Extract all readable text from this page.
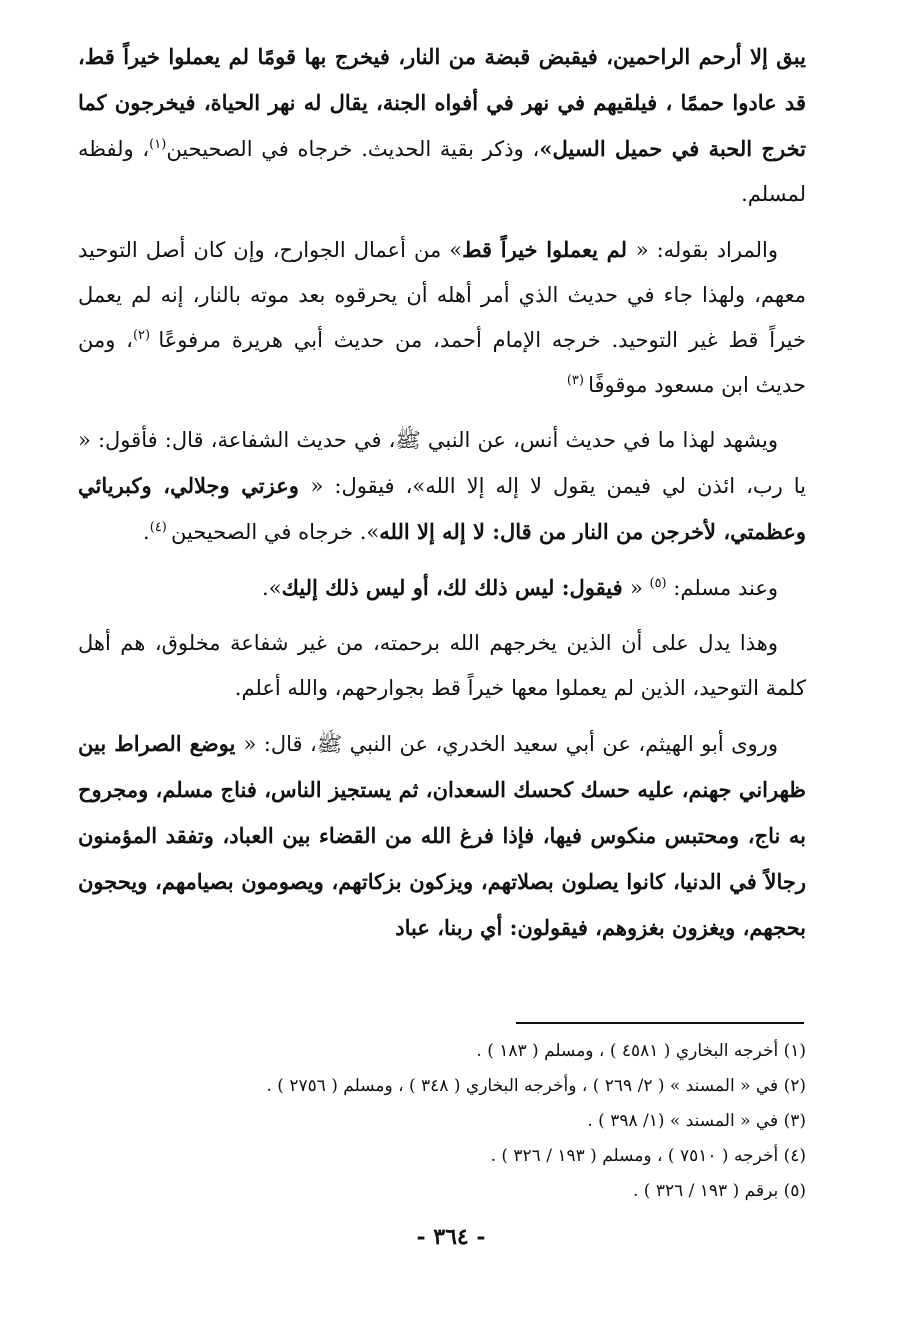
يبق إلا أرحم الراحمين، فيقبض قبضة من النار، فيخرج بها قومًا لم يعملوا خيراً قط، قد عادوا حممًا ، فيلقيهم في نهر في أفواه الجنة، يقال له نهر الحياة، فيخرجون كما تخرج الحبة في حميل السيل»، وذكر بقية الحديث. خرجاه في الصحيحين$^{(١)}$، ولفظه لمسلم.

والمراد بقوله: « لم يعملوا خيراً قط» من أعمال الجوارح، وإن كان أصل التوحيد معهم، ولهذا جاء في حديث الذي أمر أهله أن يحرقوه بعد موته بالنار، إنه لم يعمل خيراً قط غير التوحيد. خرجه الإمام أحمد، من حديث أبي هريرة مرفوعًا $^{(٢)}$، ومن حديث ابن مسعود موقوفًا $^{(٣)}$

ويشهد لهذا ما في حديث أنس، عن النبي ﷺ، في حديث الشفاعة، قال: فأقول: « يا رب، ائذن لي فيمن يقول لا إله إلا الله»، فيقول: « وعزتي وجلالي، وكبريائي وعظمتي، لأخرجن من النار من قال: لا إله إلا الله». خرجاه في الصحيحين $^{(٤)}$.

وعند مسلم: $^{(٥)}$ « فيقول: ليس ذلك لك، أو ليس ذلك إليك».

وهذا يدل على أن الذين يخرجهم الله برحمته، من غير شفاعة مخلوق، هم أهل كلمة التوحيد، الذين لم يعملوا معها خيراً قط بجوارحهم، والله أعلم.

وروى أبو الهيثم، عن أبي سعيد الخدري، عن النبي ﷺ، قال: « يوضع الصراط بين ظهراني جهنم، عليه حسك كحسك السعدان، ثم يستجيز الناس، فناج مسلم، ومجروح به ناج، ومحتبس منكوس فيها، فإذا فرغ الله من القضاء بين العباد، وتفقد المؤمنون رجالاً في الدنيا، كانوا يصلون بصلاتهم، ويزكون بزكاتهم، ويصومون بصيامهم، ويحجون بحجهم، ويغزون بغزوهم، فيقولون: أي ربنا، عباد

(١) أخرجه البخاري ( ٤٥٨١ ) ، ومسلم ( ١٨٣ ) .

(٢) في « المسند » ( ٢/ ٢٦٩ ) ، وأخرجه البخاري ( ٣٤٨ ) ، ومسلم ( ٢٧٥٦ ) .

(٣) في « المسند » (١/ ٣٩٨ ) .

(٤) أخرجه ( ٧٥١٠ ) ، ومسلم ( ١٩٣ / ٣٢٦ ) .

(٥) برقم ( ١٩٣ / ٣٢٦ ) .

- ٣٦٤ -
